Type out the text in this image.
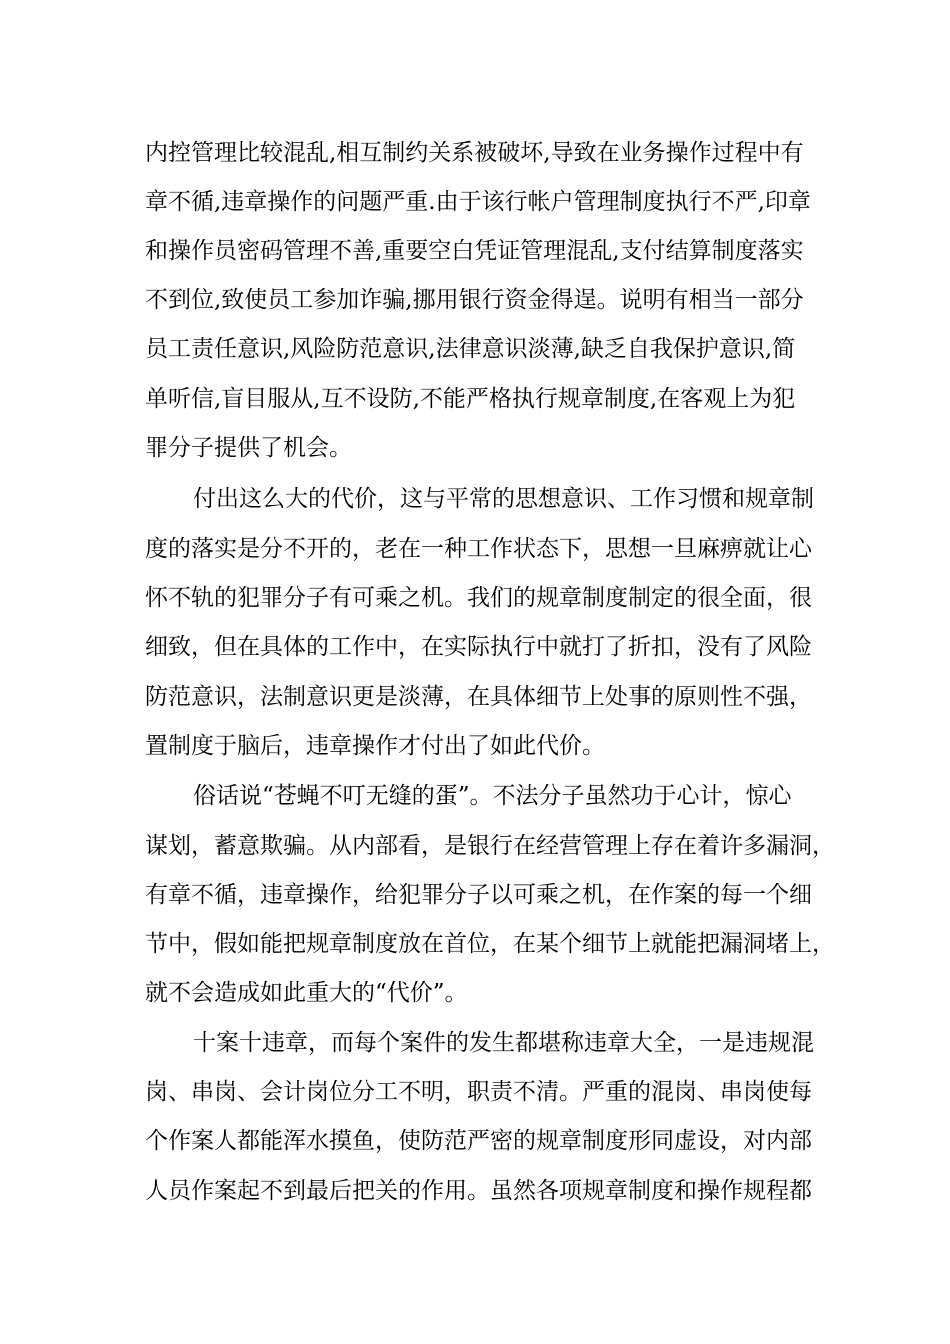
内控管理比较混乱,相互制约关系被破坏,导致在业务操作过程中有
章不循,违章操作的问题严重.由于该行帐户管理制度执行不严,印章
和操作员密码管理不善,重要空白凭证管理混乱,支付结算制度落实
不到位,致使员工参加诈骗,挪用银行资金得逞。说明有相当一部分
员工责任意识,风险防范意识,法律意识淡薄,缺乏自我保护意识,简
单听信,盲目服从,互不设防,不能严格执行规章制度,在客观上为犯
罪分子提供了机会。
付出这么大的代价，这与平常的思想意识、工作习惯和规章制
度的落实是分不开的，老在一种工作状态下，思想一旦麻痹就让心
怀不轨的犯罪分子有可乘之机。我们的规章制度制定的很全面，很
细致，但在具体的工作中，在实际执行中就打了折扣，没有了风险
防范意识，法制意识更是淡薄，在具体细节上处事的原则性不强，
置制度于脑后，违章操作才付出了如此代价。
俗话说“苍蝇不叮无缝的蛋”。不法分子虽然功于心计，惊心
谋划，蓄意欺骗。从内部看，是银行在经营管理上存在着许多漏洞，
有章不循，违章操作，给犯罪分子以可乘之机，在作案的每一个细
节中，假如能把规章制度放在首位，在某个细节上就能把漏洞堵上，
就不会造成如此重大的“代价”。
十案十违章，而每个案件的发生都堪称违章大全，一是违规混
岗、串岗、会计岗位分工不明，职责不清。严重的混岗、串岗使每
个作案人都能浑水摸鱼，使防范严密的规章制度形同虚设，对内部
人员作案起不到最后把关的作用。虽然各项规章制度和操作规程都
